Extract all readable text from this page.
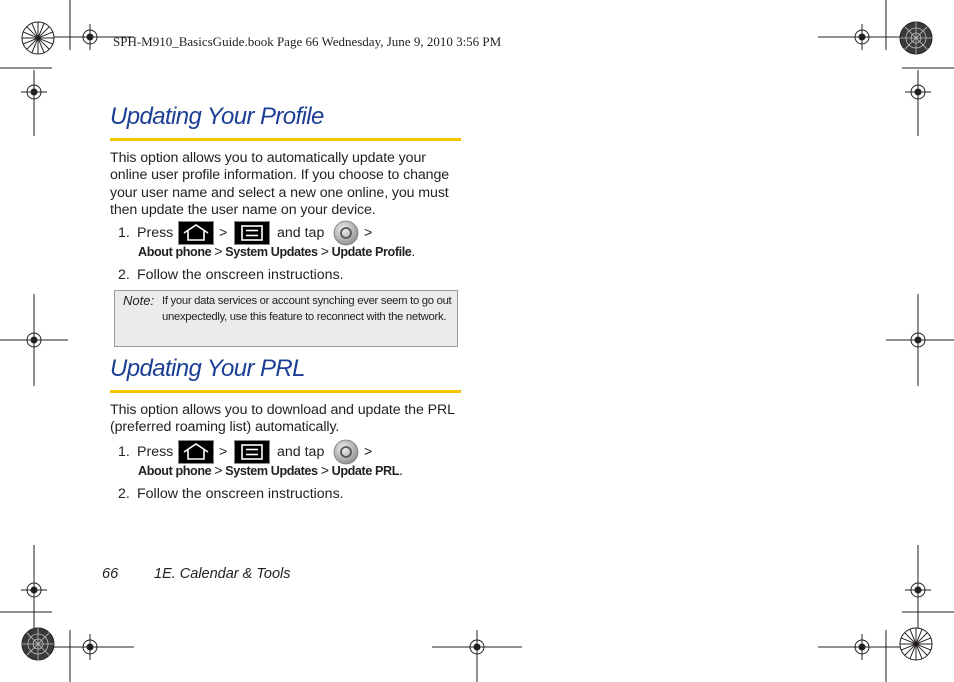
SPH-M910_BasicsGuide.book Page 66 Wednesday, June 9, 2010 3:56 PM
Updating Your Profile

This option allows you to automatically update your online user profile information. If you choose to change your user name and select a new one online, you must then update the user name on your device.

1. Press	>	and tap	>
About phone > System Updates > Update Profile.
2. Follow the onscreen instructions.
Note: If your data services or account synching ever seem to go out unexpectedly, use this feature to reconnect with the network.

Updating Your PRL

This option allows you to download and update the PRL (preferred roaming list) automatically.

1. Press	>	and tap	>
About phone > System Updates > Update PRL.
2. Follow the onscreen instructions.
66 1E. Calendar & Tools
